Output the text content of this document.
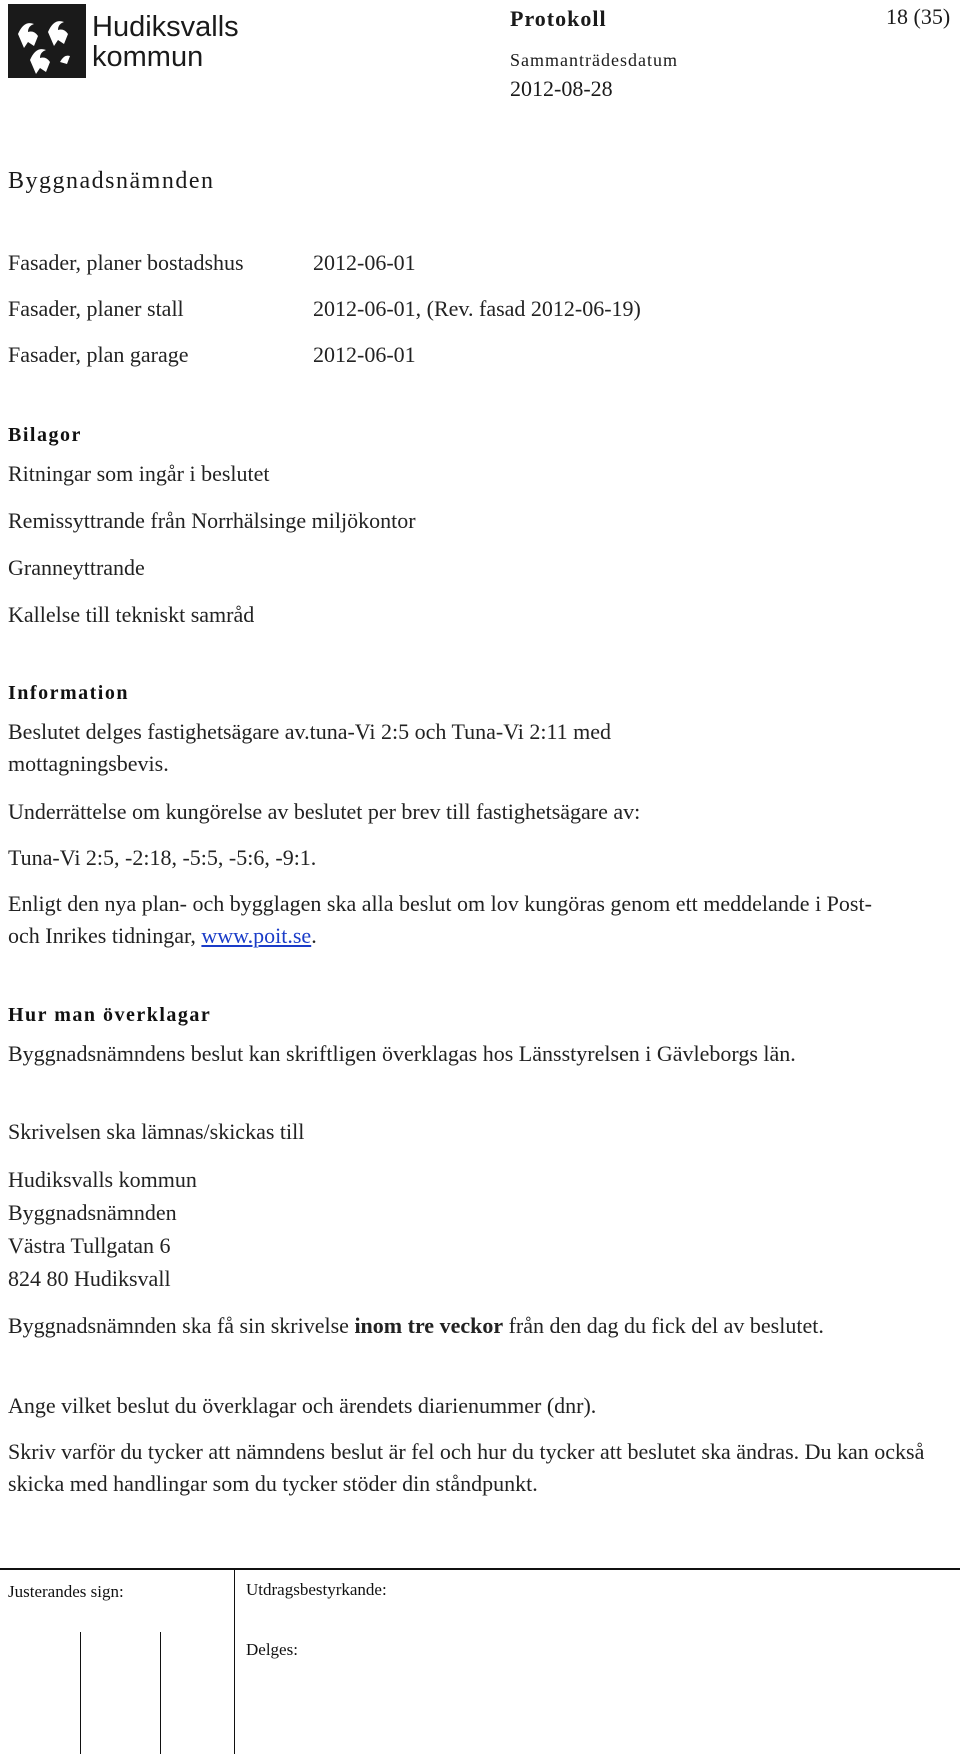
Hudiksvalls
kommun
Protokoll	18 (35)
Sammanträdesdatum
2012-08-28
Byggnadsnämnden
Fasader, planer bostadshus	2012-06-01
Fasader, planer stall	2012-06-01, (Rev. fasad 2012-06-19)
Fasader, plan garage	2012-06-01
Bilagor
Ritningar som ingår i beslutet
Remissyttrande från Norrhälsinge miljökontor
Granneyttrande
Kallelse till tekniskt samråd
Information
Beslutet delges fastighetsägare av.tuna-Vi 2:5 och Tuna-Vi 2:11 med mottagningsbevis.
Underrättelse om kungörelse av beslutet per brev till fastighetsägare av:
Tuna-Vi 2:5, -2:18, -5:5, -5:6, -9:1.
Enligt den nya plan- och bygglagen ska alla beslut om lov kungöras genom ett meddelande i Post- och Inrikes tidningar, www.poit.se.
Hur man överklagar
Byggnadsnämndens beslut kan skriftligen överklagas hos Länsstyrelsen i Gävleborgs län.
Skrivelsen ska lämnas/skickas till
Hudiksvalls kommun
Byggnadsnämnden
Västra Tullgatan 6
824 80 Hudiksvall
Byggnadsnämnden ska få sin skrivelse inom tre veckor från den dag du fick del av beslutet.
Ange vilket beslut du överklagar och ärendets diarienummer (dnr).
Skriv varför du tycker att nämndens beslut är fel och hur du tycker att beslutet ska ändras. Du kan också skicka med handlingar som du tycker stöder din ståndpunkt.
Justerandes sign:	Utdragsbestyrkande:
Delges:
